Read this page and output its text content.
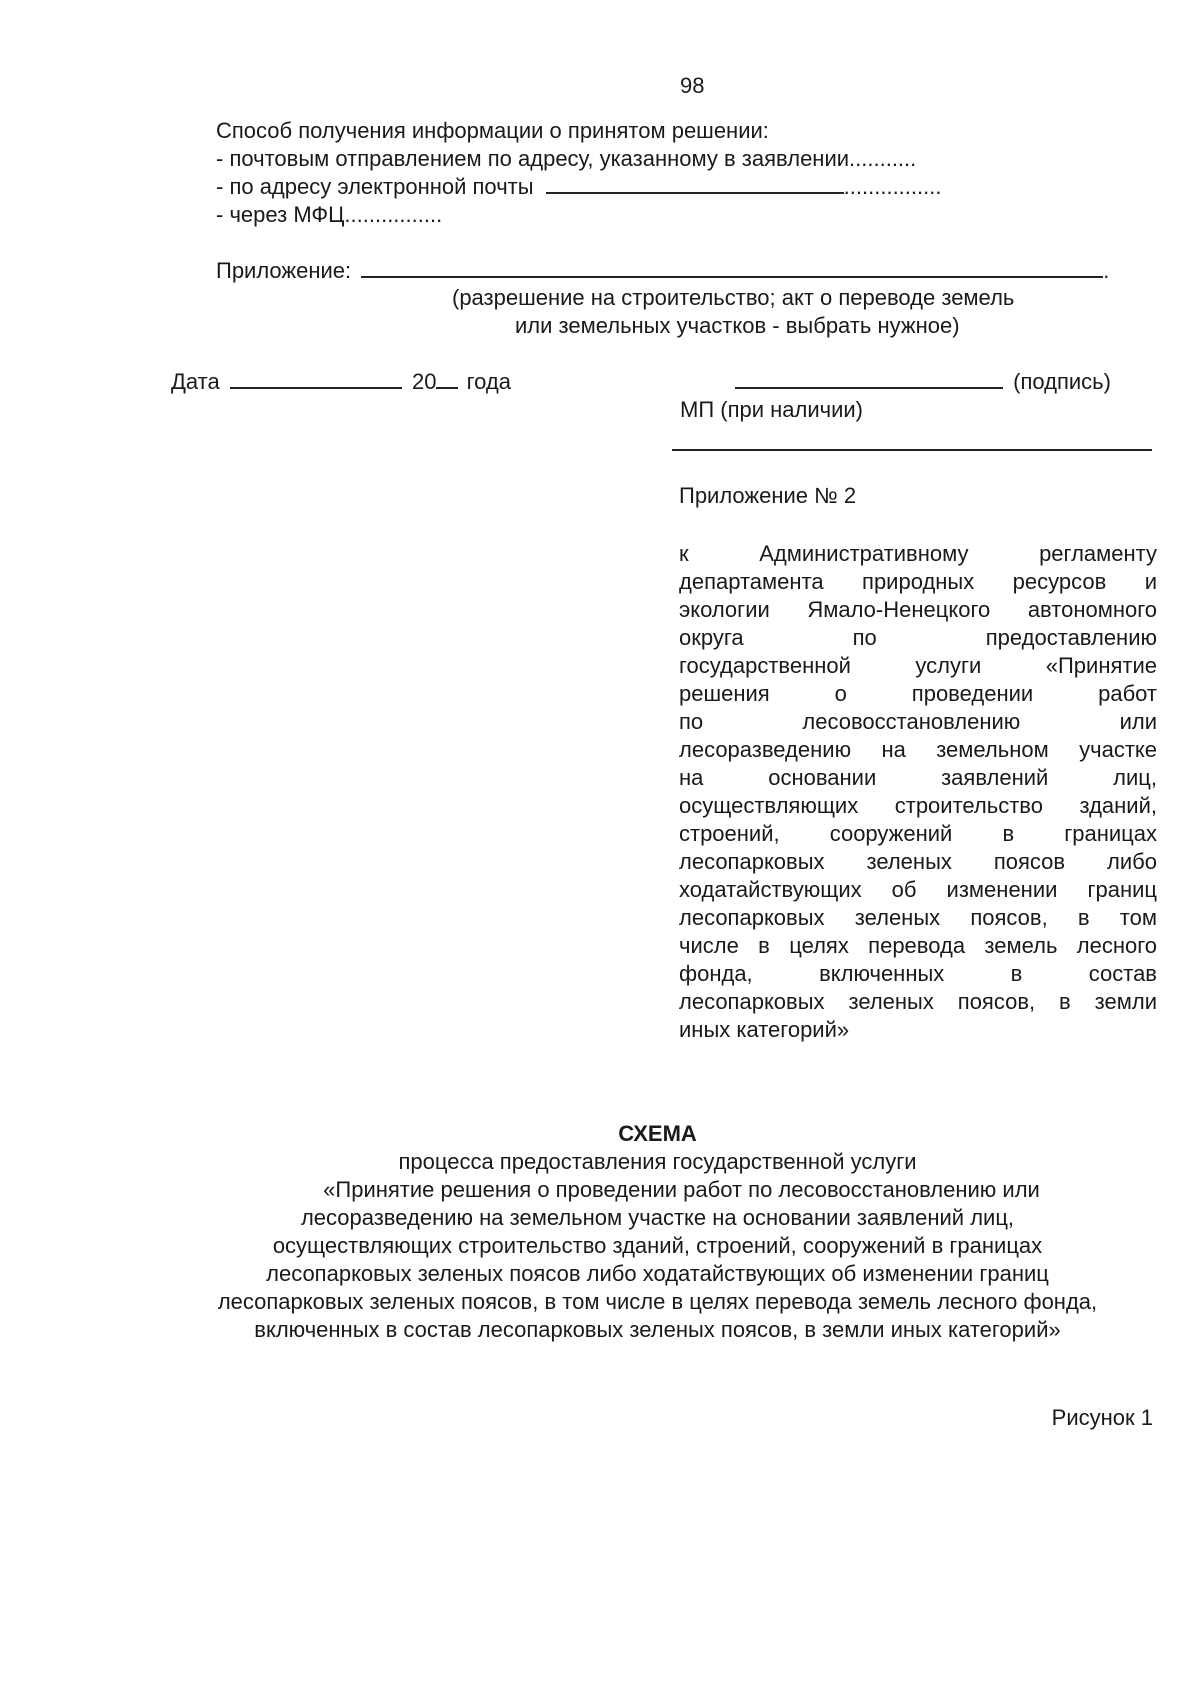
98
Способ получения информации о принятом решении:
- почтовым отправлением по адресу, указанному в заявлении...........
- по адресу электронной почты	................
- через МФЦ................
Приложение:	.
(разрешение на строительство; акт о переводе земель
или земельных участков - выбрать нужное)
Дата	20 года	(подпись)
МП (при наличии)
Приложение № 2
к Административному регламенту
департамента природных ресурсов и
экологии Ямало-Ненецкого автономного
округа по предоставлению
государственной услуги «Принятие
решения о проведении работ
по лесовосстановлению или
лесоразведению на земельном участке
на основании заявлений лиц,
осуществляющих строительство зданий,
строений, сооружений в границах
лесопарковых зеленых поясов либо
ходатайствующих об изменении границ
лесопарковых зеленых поясов, в том
числе в целях перевода земель лесного
фонда, включенных в состав
лесопарковых зеленых поясов, в земли
иных категорий»
СХЕМА
процесса предоставления государственной услуги
«Принятие решения о проведении работ по лесовосстановлению или
лесоразведению на земельном участке на основании заявлений лиц,
осуществляющих строительство зданий, строений, сооружений в границах
лесопарковых зеленых поясов либо ходатайствующих об изменении границ
лесопарковых зеленых поясов, в том числе в целях перевода земель лесного фонда,
включенных в состав лесопарковых зеленых поясов, в земли иных категорий»
Рисунок 1
